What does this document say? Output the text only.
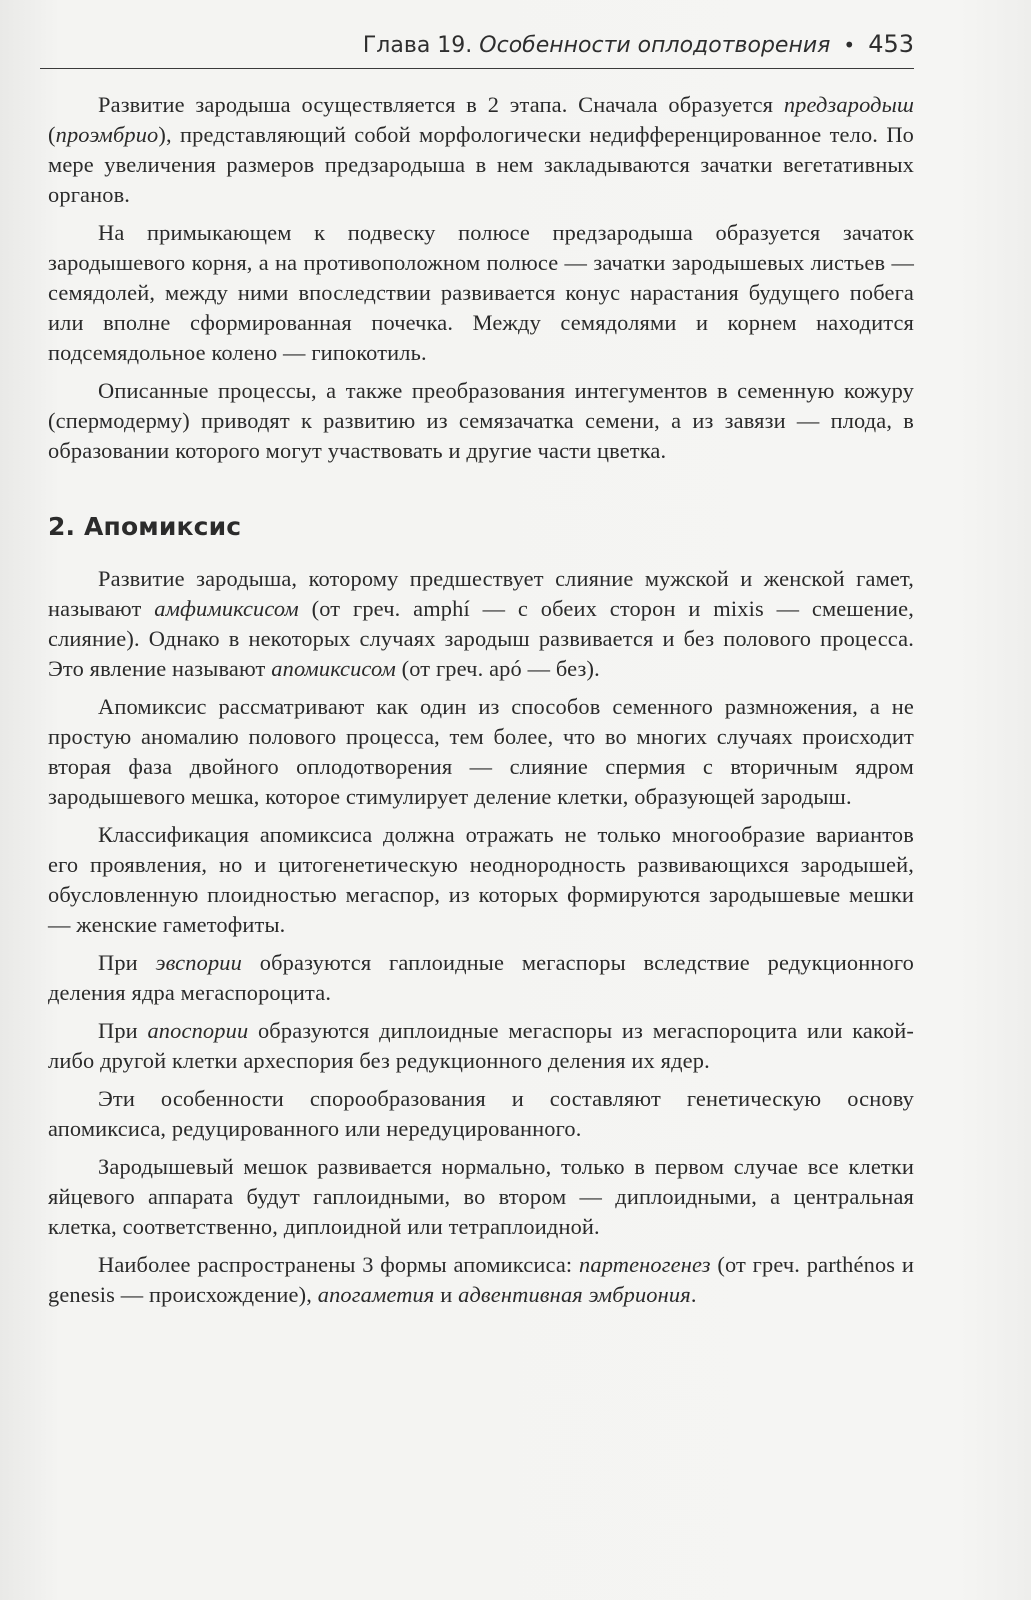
Глава 19. Особенности оплодотворения • 453

Развитие зародыша осуществляется в 2 этапа. Сначала образуется предзародыш (проэмбрио), представляющий собой морфологически недифференцированное тело. По мере увеличения размеров предзародыша в нем закладываются зачатки вегетативных органов.

На примыкающем к подвеску полюсе предзародыша образуется зачаток зародышевого корня, а на противоположном полюсе — зачатки зародышевых листьев — семядолей, между ними впоследствии развивается конус нарастания будущего побега или вполне сформированная почечка. Между семядолями и корнем находится подсемядольное колено — гипокотиль.

Описанные процессы, а также преобразования интегументов в семенную кожуру (спермодерму) приводят к развитию из семязачатка семени, а из завязи — плода, в образовании которого могут участвовать и другие части цветка.

2. Апомиксис

Развитие зародыша, которому предшествует слияние мужской и женской гамет, называют амфимиксисом (от греч. amphí — с обеих сторон и mixis — смешение, слияние). Однако в некоторых случаях зародыш развивается и без полового процесса. Это явление называют апомиксисом (от греч. apó — без).

Апомиксис рассматривают как один из способов семенного размножения, а не простую аномалию полового процесса, тем более, что во многих случаях происходит вторая фаза двойного оплодотворения — слияние спермия с вторичным ядром зародышевого мешка, которое стимулирует деление клетки, образующей зародыш.

Классификация апомиксиса должна отражать не только многообразие вариантов его проявления, но и цитогенетическую неоднородность развивающихся зародышей, обусловленную плоидностью мегаспор, из которых формируются зародышевые мешки — женские гаметофиты.

При эвспории образуются гаплоидные мегаспоры вследствие редукционного деления ядра мегаспороцита.

При апоспории образуются диплоидные мегаспоры из мегаспороцита или какой-либо другой клетки археспория без редукционного деления их ядер.

Эти особенности спорообразования и составляют генетическую основу апомиксиса, редуцированного или нередуцированного.

Зародышевый мешок развивается нормально, только в первом случае все клетки яйцевого аппарата будут гаплоидными, во втором — диплоидными, а центральная клетка, соответственно, диплоидной или тетраплоидной.

Наиболее распространены 3 формы апомиксиса: партеногенез (от греч. parthénos и genesis — происхождение), апогаметия и адвентивная эмбриония.
